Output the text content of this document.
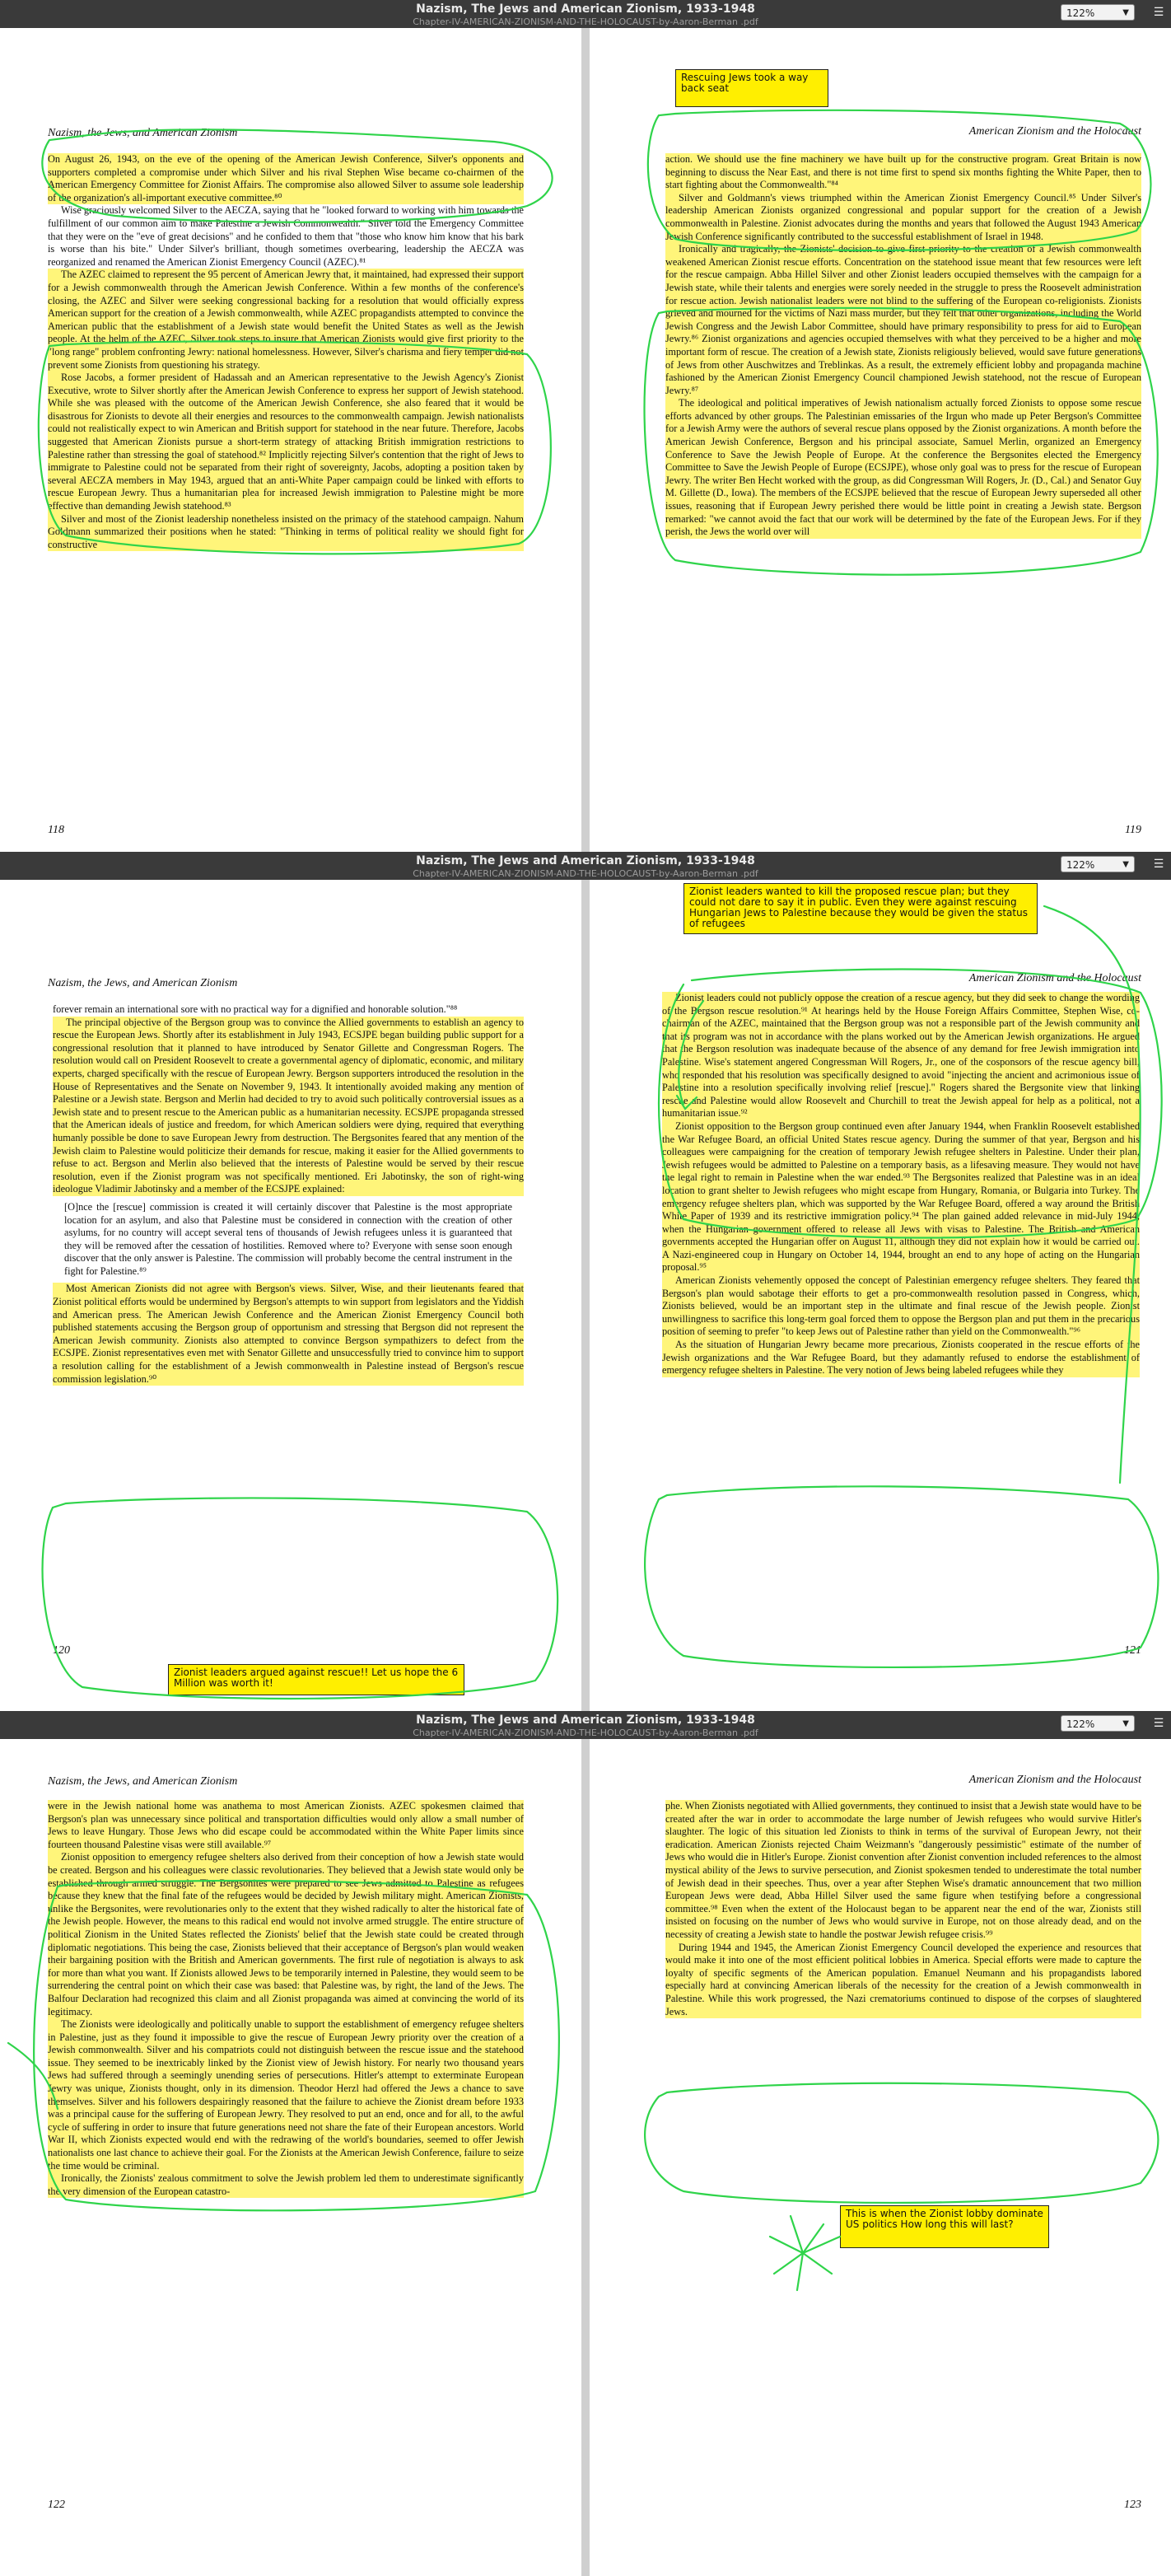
Nazism, The Jews and American Zionism, 1933-1948
Chapter-IV-AMERICAN-ZIONISM-AND-THE-HOLOCAUST-by-Aaron-Berman .pdf
122%	▼ ☰
Nazism, the Jews, and American Zionism

On August 26, 1943, on the eve of the opening of the American Jewish Conference, Silver's opponents and supporters completed a compromise under which Silver and his rival Stephen Wise became co-chairmen of the American Emergency Committee for Zionist Affairs. The compromise also allowed Silver to assume sole leadership of the organization's all-important executive committee.⁸⁰

Wise graciously welcomed Silver to the AECZA, saying that he "looked forward to working with him towards the fulfillment of our common aim to make Palestine a Jewish Commonwealth." Silver told the Emergency Committee that they were on the "eve of great decisions" and he confided to them that "those who know him know that his bark is worse than his bite." Under Silver's brilliant, though sometimes overbearing, leadership the AECZA was reorganized and renamed the American Zionist Emergency Council (AZEC).⁸¹

The AZEC claimed to represent the 95 percent of American Jewry that, it maintained, had expressed their support for a Jewish commonwealth through the American Jewish Conference. Within a few months of the conference's closing, the AZEC and Silver were seeking congressional backing for a resolution that would officially express American support for the creation of a Jewish commonwealth, while AZEC propagandists attempted to convince the American public that the establishment of a Jewish state would benefit the United States as well as the Jewish people. At the helm of the AZEC, Silver took steps to insure that American Zionists would give first priority to the "long range" problem confronting Jewry: national homelessness. However, Silver's charisma and fiery temper did not prevent some Zionists from questioning his strategy.

Rose Jacobs, a former president of Hadassah and an American representative to the Jewish Agency's Zionist Executive, wrote to Silver shortly after the American Jewish Conference to express her support of Jewish statehood. While she was pleased with the outcome of the American Jewish Conference, she also feared that it would be disastrous for Zionists to devote all their energies and resources to the commonwealth campaign. Jewish nationalists could not realistically expect to win American and British support for statehood in the near future. Therefore, Jacobs suggested that American Zionists pursue a short-term strategy of attacking British immigration restrictions to Palestine rather than stressing the goal of statehood.⁸² Implicitly rejecting Silver's contention that the right of Jews to immigrate to Palestine could not be separated from their right of sovereignty, Jacobs, adopting a position taken by several AECZA members in May 1943, argued that an anti-White Paper campaign could be linked with efforts to rescue European Jewry. Thus a humanitarian plea for increased Jewish immigration to Palestine might be more effective than demanding Jewish statehood.⁸³

Silver and most of the Zionist leadership nonetheless insisted on the primacy of the statehood campaign. Nahum Goldmann summarized their positions when he stated: "Thinking in terms of political reality we should fight for constructive

118
American Zionism and the Holocaust

action. We should use the fine machinery we have built up for the constructive program. Great Britain is now beginning to discuss the Near East, and there is not time first to spend six months fighting the White Paper, then to start fighting about the Commonwealth."⁸⁴

Silver and Goldmann's views triumphed within the American Zionist Emergency Council.⁸⁵ Under Silver's leadership American Zionists organized congressional and popular support for the creation of a Jewish commonwealth in Palestine. Zionist advocates during the months and years that followed the August 1943 American Jewish Conference significantly contributed to the successful establishment of Israel in 1948.

Ironically and tragically, the Zionists' decision to give first priority to the creation of a Jewish commonwealth weakened American Zionist rescue efforts. Concentration on the statehood issue meant that few resources were left for the rescue campaign. Abba Hillel Silver and other Zionist leaders occupied themselves with the campaign for a Jewish state, while their talents and energies were sorely needed in the struggle to press the Roosevelt administration for rescue action. Jewish nationalist leaders were not blind to the suffering of the European co-religionists. Zionists grieved and mourned for the victims of Nazi mass murder, but they felt that other organizations, including the World Jewish Congress and the Jewish Labor Committee, should have primary responsibility to press for aid to European Jewry.⁸⁶ Zionist organizations and agencies occupied themselves with what they perceived to be a higher and more important form of rescue. The creation of a Jewish state, Zionists religiously believed, would save future generations of Jews from other Auschwitzes and Treblinkas. As a result, the extremely efficient lobby and propaganda machine fashioned by the American Zionist Emergency Council championed Jewish statehood, not the rescue of European Jewry.⁸⁷

The ideological and political imperatives of Jewish nationalism actually forced Zionists to oppose some rescue efforts advanced by other groups. The Palestinian emissaries of the Irgun who made up Peter Bergson's Committee for a Jewish Army were the authors of several rescue plans opposed by the Zionist organizations. A month before the American Jewish Conference, Bergson and his principal associate, Samuel Merlin, organized an Emergency Conference to Save the Jewish People of Europe. At the conference the Bergsonites elected the Emergency Committee to Save the Jewish People of Europe (ECSJPE), whose only goal was to press for the rescue of European Jewry. The writer Ben Hecht worked with the group, as did Congressman Will Rogers, Jr. (D., Cal.) and Senator Guy M. Gillette (D., Iowa). The members of the ECSJPE believed that the rescue of European Jewry superseded all other issues, reasoning that if European Jewry perished there would be little point in creating a Jewish state. Bergson remarked: "we cannot avoid the fact that our work will be determined by the fate of the European Jews. For if they perish, the Jews the world over will

119
Rescuing Jews took a way back seat
Nazism, The Jews and American Zionism, 1933-1948
Chapter-IV-AMERICAN-ZIONISM-AND-THE-HOLOCAUST-by-Aaron-Berman .pdf
122%	▼ ☰
Nazism, the Jews, and American Zionism

forever remain an international sore with no practical way for a dignified and honorable solution."⁸⁸

The principal objective of the Bergson group was to convince the Allied governments to establish an agency to rescue the European Jews. Shortly after its establishment in July 1943, ECSJPE began building public support for a congressional resolution that it planned to have introduced by Senator Gillette and Congressman Rogers. The resolution would call on President Roosevelt to create a governmental agency of diplomatic, economic, and military experts, charged specifically with the rescue of European Jewry. Bergson supporters introduced the resolution in the House of Representatives and the Senate on November 9, 1943. It intentionally avoided making any mention of Palestine or a Jewish state. Bergson and Merlin had decided to try to avoid such politically controversial issues as a Jewish state and to present rescue to the American public as a humanitarian necessity. ECSJPE propaganda stressed that the American ideals of justice and freedom, for which American soldiers were dying, required that everything humanly possible be done to save European Jewry from destruction. The Bergsonites feared that any mention of the Jewish claim to Palestine would politicize their demands for rescue, making it easier for the Allied governments to refuse to act. Bergson and Merlin also believed that the interests of Palestine would be served by their rescue resolution, even if the Zionist program was not specifically mentioned. Eri Jabotinsky, the son of right-wing ideologue Vladimir Jabotinsky and a member of the ECSJPE explained:

[O]nce the [rescue] commission is created it will certainly discover that Palestine is the most appropriate location for an asylum, and also that Palestine must be considered in connection with the creation of other asylums, for no country will accept several tens of thousands of Jewish refugees unless it is guaranteed that they will be removed after the cessation of hostilities. Removed where to? Everyone with sense soon enough discover that the only answer is Palestine. The commission will probably become the central instrument in the fight for Palestine.⁸⁹

Most American Zionists did not agree with Bergson's views. Silver, Wise, and their lieutenants feared that Zionist political efforts would be undermined by Bergson's attempts to win support from legislators and the Yiddish and American press. The American Jewish Conference and the American Zionist Emergency Council both published statements accusing the Bergson group of opportunism and stressing that Bergson did not represent the American Jewish community. Zionists also attempted to convince Bergson sympathizers to defect from the ECSJPE. Zionist representatives even met with Senator Gillette and unsuccessfully tried to convince him to support a resolution calling for the establishment of a Jewish commonwealth in Palestine instead of Bergson's rescue commission legislation.⁹⁰

120
Zionist leaders argued against rescue!! Let us hope the 6 Million was worth it!
Zionist leaders wanted to kill the proposed rescue plan; but they could not dare to say it in public. Even they were against rescuing Hungarian Jews to Palestine because they would be given the status of refugees
American Zionism and the Holocaust

Zionist leaders could not publicly oppose the creation of a rescue agency, but they did seek to change the wording of the Bergson rescue resolution.⁹¹ At hearings held by the House Foreign Affairs Committee, Stephen Wise, co-chairman of the AZEC, maintained that the Bergson group was not a responsible part of the Jewish community and that its program was not in accordance with the plans worked out by the American Jewish organizations. He argued that the Bergson resolution was inadequate because of the absence of any demand for free Jewish immigration into Palestine. Wise's statement angered Congressman Will Rogers, Jr., one of the cosponsors of the rescue agency bill, who responded that his resolution was specifically designed to avoid "injecting the ancient and acrimonious issue of Palestine into a resolution specifically involving relief [rescue]." Rogers shared the Bergsonite view that linking rescue and Palestine would allow Roosevelt and Churchill to treat the Jewish appeal for help as a political, not a humanitarian issue.⁹²

Zionist opposition to the Bergson group continued even after January 1944, when Franklin Roosevelt established the War Refugee Board, an official United States rescue agency. During the summer of that year, Bergson and his colleagues were campaigning for the creation of temporary Jewish refugee shelters in Palestine. Under their plan, Jewish refugees would be admitted to Palestine on a temporary basis, as a lifesaving measure. They would not have the legal right to remain in Palestine when the war ended.⁹³ The Bergsonites realized that Palestine was in an ideal location to grant shelter to Jewish refugees who might escape from Hungary, Romania, or Bulgaria into Turkey. The emergency refugee shelters plan, which was supported by the War Refugee Board, offered a way around the British White Paper of 1939 and its restrictive immigration policy.⁹⁴ The plan gained added relevance in mid-July 1944, when the Hungarian government offered to release all Jews with visas to Palestine. The British and American governments accepted the Hungarian offer on August 11, although they did not explain how it would be carried out. A Nazi-engineered coup in Hungary on October 14, 1944, brought an end to any hope of acting on the Hungarian proposal.⁹⁵

American Zionists vehemently opposed the concept of Palestinian emergency refugee shelters. They feared that Bergson's plan would sabotage their efforts to get a pro-commonwealth resolution passed in Congress, which, Zionists believed, would be an important step in the ultimate and final rescue of the Jewish people. Zionist unwillingness to sacrifice this long-term goal forced them to oppose the Bergson plan and put them in the precarious position of seeming to prefer "to keep Jews out of Palestine rather than yield on the Commonwealth."⁹⁶

As the situation of Hungarian Jewry became more precarious, Zionists cooperated in the rescue efforts of the Jewish organizations and the War Refugee Board, but they adamantly refused to endorse the establishment of emergency refugee shelters in Palestine. The very notion of Jews being labeled refugees while they

121
Nazism, The Jews and American Zionism, 1933-1948
Chapter-IV-AMERICAN-ZIONISM-AND-THE-HOLOCAUST-by-Aaron-Berman .pdf
122%	▼ ☰
Nazism, the Jews, and American Zionism

were in the Jewish national home was anathema to most American Zionists. AZEC spokesmen claimed that Bergson's plan was unnecessary since political and transportation difficulties would only allow a small number of Jews to leave Hungary. Those Jews who did escape could be accommodated within the White Paper limits since fourteen thousand Palestine visas were still available.⁹⁷

Zionist opposition to emergency refugee shelters also derived from their conception of how a Jewish state would be created. Bergson and his colleagues were classic revolutionaries. They believed that a Jewish state would only be established through armed struggle. The Bergsonites were prepared to see Jews admitted to Palestine as refugees because they knew that the final fate of the refugees would be decided by Jewish military might. American Zionists, unlike the Bergsonites, were revolutionaries only to the extent that they wished radically to alter the historical fate of the Jewish people. However, the means to this radical end would not involve armed struggle. The entire structure of political Zionism in the United States reflected the Zionists' belief that the Jewish state could be created through diplomatic negotiations. This being the case, Zionists believed that their acceptance of Bergson's plan would weaken their bargaining position with the British and American governments. The first rule of negotiation is always to ask for more than what you want. If Zionists allowed Jews to be temporarily interned in Palestine, they would seem to be surrendering the central point on which their case was based: that Palestine was, by right, the land of the Jews. The Balfour Declaration had recognized this claim and all Zionist propaganda was aimed at convincing the world of its legitimacy.

The Zionists were ideologically and politically unable to support the establishment of emergency refugee shelters in Palestine, just as they found it impossible to give the rescue of European Jewry priority over the creation of a Jewish commonwealth. Silver and his compatriots could not distinguish between the rescue issue and the statehood issue. They seemed to be inextricably linked by the Zionist view of Jewish history. For nearly two thousand years Jews had suffered through a seemingly unending series of persecutions. Hitler's attempt to exterminate European Jewry was unique, Zionists thought, only in its dimension. Theodor Herzl had offered the Jews a chance to save themselves. Silver and his followers despairingly reasoned that the failure to achieve the Zionist dream before 1933 was a principal cause for the suffering of European Jewry. They resolved to put an end, once and for all, to the awful cycle of suffering in order to insure that future generations need not share the fate of their European ancestors. World War II, which Zionists expected would end with the redrawing of the world's boundaries, seemed to offer Jewish nationalists one last chance to achieve their goal. For the Zionists at the American Jewish Conference, failure to seize the time would be criminal.

Ironically, the Zionists' zealous commitment to solve the Jewish problem led them to underestimate significantly the very dimension of the European catastro-

122
American Zionism and the Holocaust

phe. When Zionists negotiated with Allied governments, they continued to insist that a Jewish state would have to be created after the war in order to accommodate the large number of Jewish refugees who would survive Hitler's slaughter. The logic of this situation led Zionists to think in terms of the survival of European Jewry, not their eradication. American Zionists rejected Chaim Weizmann's "dangerously pessimistic" estimate of the number of Jews who would die in Hitler's Europe. Zionist convention after Zionist convention included references to the almost mystical ability of the Jews to survive persecution, and Zionist spokesmen tended to underestimate the total number of Jewish dead in their speeches. Thus, over a year after Stephen Wise's dramatic announcement that two million European Jews were dead, Abba Hillel Silver used the same figure when testifying before a congressional committee.⁹⁸ Even when the extent of the Holocaust began to be apparent near the end of the war, Zionists still insisted on focusing on the number of Jews who would survive in Europe, not on those already dead, and on the necessity of creating a Jewish state to handle the postwar Jewish refugee crisis.⁹⁹

During 1944 and 1945, the American Zionist Emergency Council developed the experience and resources that would make it into one of the most efficient political lobbies in America. Special efforts were made to capture the loyalty of specific segments of the American population. Emanuel Neumann and his propagandists labored especially hard at convincing American liberals of the necessity for the creation of a Jewish commonwealth in Palestine. While this work progressed, the Nazi crematoriums continued to dispose of the corpses of slaughtered Jews.

This is when the Zionist lobby dominate US politics How long this will last?
123
